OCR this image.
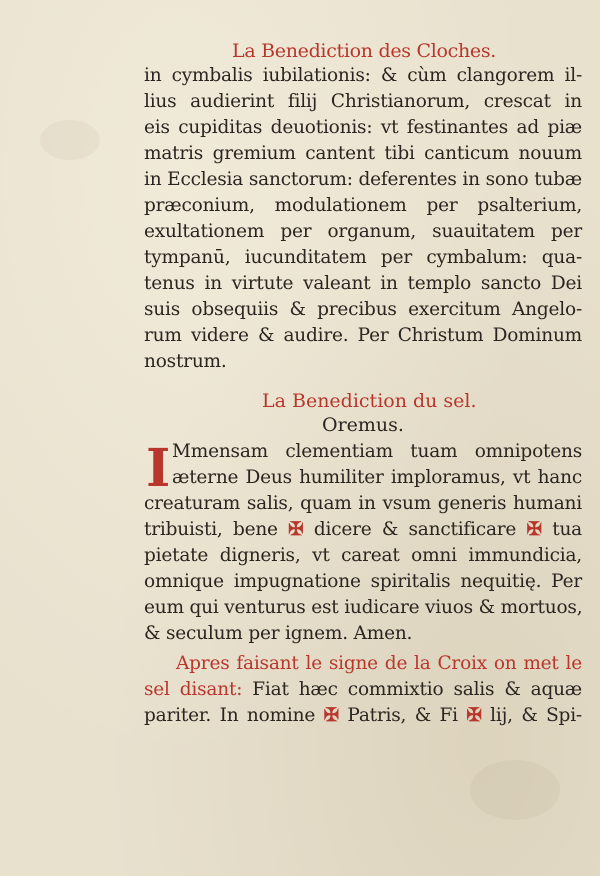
La Benediction des Cloches.
in cymbalis iubilationis: & cùm clangorem il-
lius audierint filij Christianorum, crescat in
eis cupiditas deuotionis: vt festinantes ad piæ
matris gremium cantent tibi canticum nouum
in Ecclesia sanctorum: deferentes in sono tubæ
præconium, modulationem per psalterium,
exultationem per organum, suauitatem per
tympanū, iucunditatem per cymbalum: qua-
tenus in virtute valeant in templo sancto Dei
suis obsequiis & precibus exercitum Angelo-
rum videre & audire. Per Christum Dominum
nostrum.
La Benediction du sel.
Oremus.
I Mmensam clementiam tuam omnipotens
æterne Deus humiliter imploramus, vt hanc
creaturam salis, quam in vsum generis humani
tribuisti, bene ✠ dicere & sanctificare ✠ tua
pietate digneris, vt careat omni immundicia,
omnique impugnatione spiritalis nequitię. Per
eum qui venturus est iudicare viuos & mortuos,
& seculum per ignem. Amen.
Apres faisant le signe de la Croix on met le
sel disant: Fiat hæc commixtio salis & aquæ
pariter. In nomine ✠ Patris, & Fi ✠ lij, & Spi-
